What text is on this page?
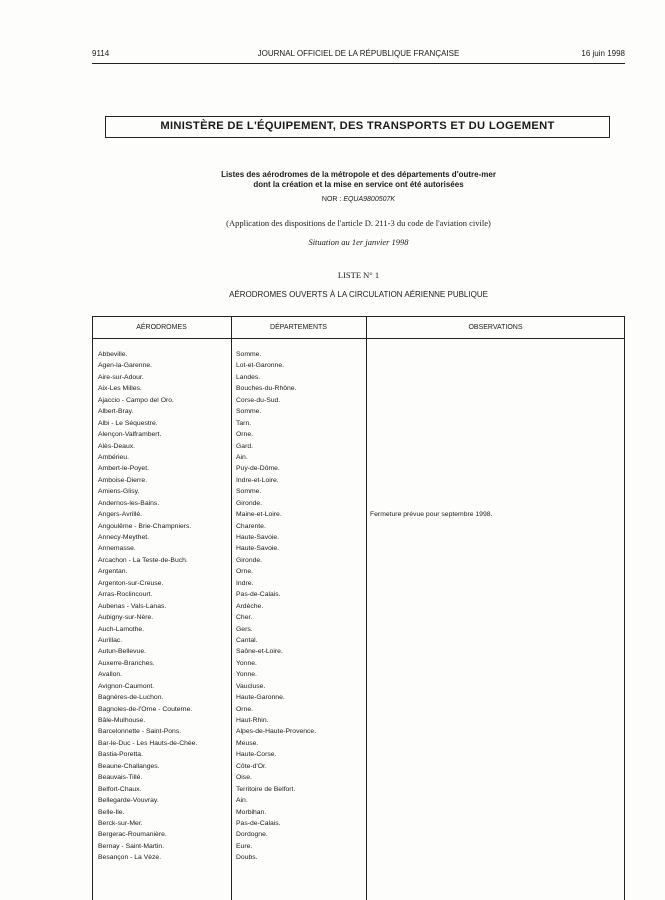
9114	JOURNAL OFFICIEL DE LA RÉPUBLIQUE FRANÇAISE	16 juin 1998
MINISTÈRE DE L'ÉQUIPEMENT, DES TRANSPORTS ET DU LOGEMENT
Listes des aérodromes de la métropole et des départements d'outre-mer
dont la création et la mise en service ont été autorisées
NOR : EQUA9800507K
(Application des dispositions de l'article D. 211-3 du code de l'aviation civile)
Situation au 1er janvier 1998
LISTE N° 1
AÉRODROMES OUVERTS À LA CIRCULATION AÉRIENNE PUBLIQUE
AÉRODROMES	DÉPARTEMENTS	OBSERVATIONS
Abbeville.	Somme.
Agen-la-Garenne.	Lot-et-Garonne.
Aire-sur-Adour.	Landes.
Aix-Les Milles.	Bouches-du-Rhône.
Ajaccio - Campo del Oro.	Corse-du-Sud.
Albert-Bray.	Somme.
Albi - Le Séquestre.	Tarn.
Alençon-Valframbert.	Orne.
Alès-Deaux.	Gard.
Ambérieu.	Ain.
Ambert-le-Poyet.	Puy-de-Dôme.
Amboise-Dierre.	Indre-et-Loire.
Amiens-Glisy.	Somme.
Andernos-les-Bains.	Gironde.
Angers-Avrillé.	Maine-et-Loire.	Fermeture prévue pour septembre 1998.
Angoulême - Brie-Champniers.	Charente.
Annecy-Meythet.	Haute-Savoie.
Annemasse.	Haute-Savoie.
Arcachon - La Teste-de-Buch.	Gironde.
Argentan.	Orne.
Argenton-sur-Creuse.	Indre.
Arras-Roclincourt.	Pas-de-Calais.
Aubenas - Vals-Lanas.	Ardèche.
Aubigny-sur-Nère.	Cher.
Auch-Lamothe.	Gers.
Aurillac.	Cantal.
Autun-Bellevue.	Saône-et-Loire.
Auxerre-Branches.	Yonne.
Avallon.	Yonne.
Avignon-Caumont.	Vaucluse.
Bagnères-de-Luchon.	Haute-Garonne.
Bagnoles-de-l'Orne - Couterne.	Orne.
Bâle-Mulhouse.	Haut-Rhin.
Barcelonnette - Saint-Pons.	Alpes-de-Haute-Provence.
Bar-le-Duc - Les Hauts-de-Chée.	Meuse.
Bastia-Poretta.	Haute-Corse.
Beaune-Challanges.	Côte-d'Or.
Beauvais-Tillé.	Oise.
Belfort-Chaux.	Territoire de Belfort.
Bellegarde-Vouvray.	Ain.
Belle-Ile.	Morbihan.
Berck-sur-Mer.	Pas-de-Calais.
Bergerac-Roumanière.	Dordogne.
Bernay - Saint-Martin.	Eure.
Besançon - La Vèze.	Doubs.
